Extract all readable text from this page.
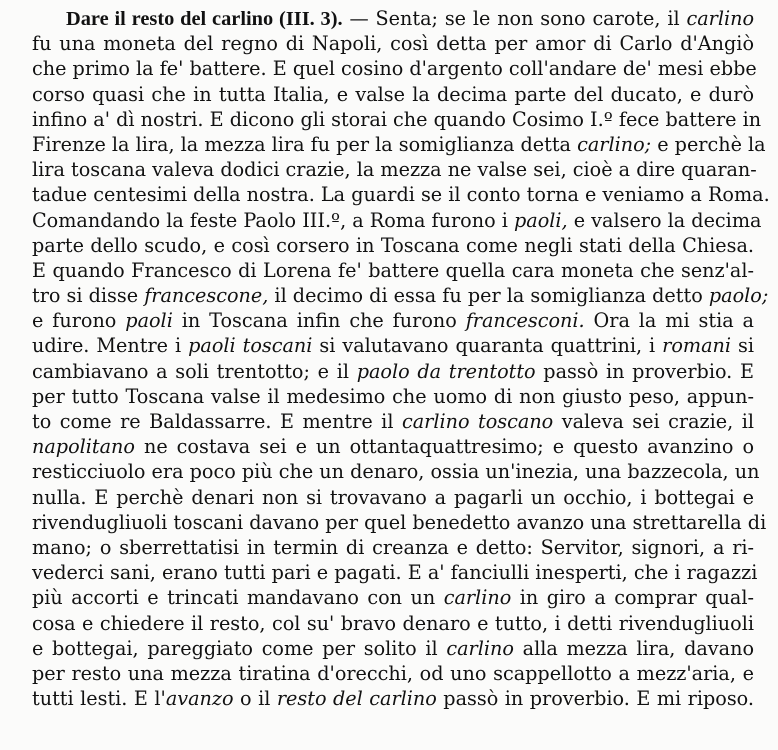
Dare il resto del carlino (III. 3). — Senta; se le non sono carote, il carlino
fu una moneta del regno di Napoli, così detta per amor di Carlo d'Angiò
che primo la fe' battere. E quel cosino d'argento coll'andare de' mesi ebbe
corso quasi che in tutta Italia, e valse la decima parte del ducato, e durò
infino a' dì nostri. E dicono gli storai che quando Cosimo I.º fece battere in
Firenze la lira, la mezza lira fu per la somiglianza detta carlino; e perchè la
lira toscana valeva dodici crazie, la mezza ne valse sei, cioè a dire quaran-
tadue centesimi della nostra. La guardi se il conto torna e veniamo a Roma.
Comandando la feste Paolo III.º, a Roma furono i paoli, e valsero la decima
parte dello scudo, e così corsero in Toscana come negli stati della Chiesa.
E quando Francesco di Lorena fe' battere quella cara moneta che senz'al-
tro si disse francescone, il decimo di essa fu per la somiglianza detto paolo;
e furono paoli in Toscana infin che furono francesconi. Ora la mi stia a
udire. Mentre i paoli toscani si valutavano quaranta quattrini, i romani si
cambiavano a soli trentotto; e il paolo da trentotto passò in proverbio. E
per tutto Toscana valse il medesimo che uomo di non giusto peso, appun-
to come re Baldassarre. E mentre il carlino toscano valeva sei crazie, il
napolitano ne costava sei e un ottantaquattresimo; e questo avanzino o
resticciuolo era poco più che un denaro, ossia un'inezia, una bazzecola, un
nulla. E perchè denari non si trovavano a pagarli un occhio, i bottegai e
rivendugliuoli toscani davano per quel benedetto avanzo una strettarella di
mano; o sberrettatisi in termin di creanza e detto: Servitor, signori, a ri-
vederci sani, erano tutti pari e pagati. E a' fanciulli inesperti, che i ragazzi
più accorti e trincati mandavano con un carlino in giro a comprar qual-
cosa e chiedere il resto, col su' bravo denaro e tutto, i detti rivendugliuoli
e bottegai, pareggiato come per solito il carlino alla mezza lira, davano
per resto una mezza tiratina d'orecchi, od uno scappellotto a mezz'aria, e
tutti lesti. E l'avanzo o il resto del carlino passò in proverbio. E mi riposo.
